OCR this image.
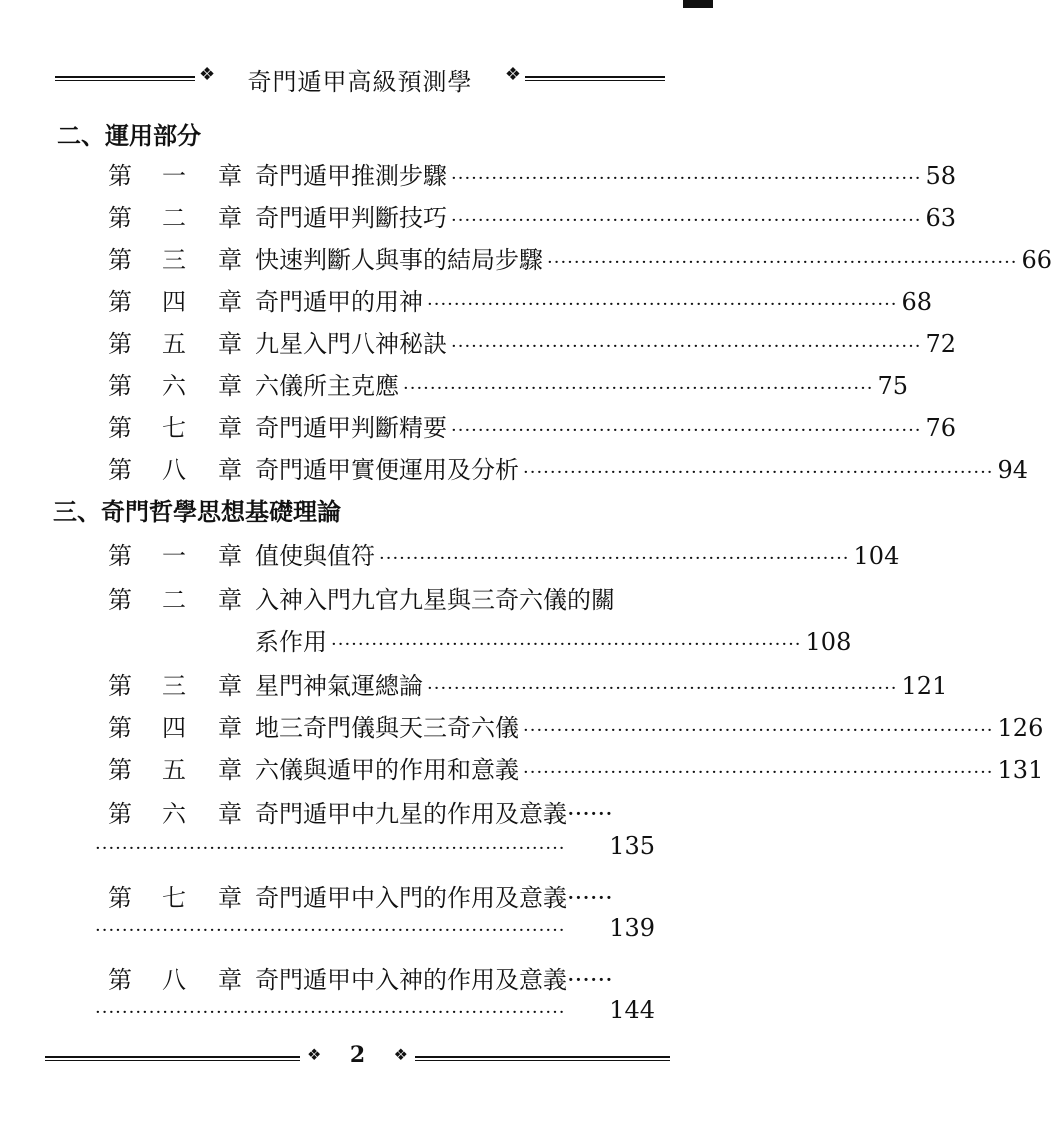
❖	奇門遁甲高級預測學	❖
二、運用部分
第 一 章 奇門遁甲推測步驟 ······································································ 58
第 二 章 奇門遁甲判斷技巧 ······································································ 63
第 三 章 快速判斷人與事的結局步驟 ······································································ 66
第 四 章 奇門遁甲的用神 ······································································ 68
第 五 章 九星入門八神秘訣 ······································································ 72
第 六 章 六儀所主克應 ······································································ 75
第 七 章 奇門遁甲判斷精要 ······································································ 76
第 八 章 奇門遁甲實便運用及分析 ······································································ 94
三、奇門哲學思想基礎理論
第 一 章 值使與值符 ······································································ 104
第 二 章 入神入門九官九星與三奇六儀的關
系作用 ······································································ 108
第 三 章 星門神氣運總論 ······································································ 121
第 四 章 地三奇門儀與天三奇六儀 ······································································ 126
第 五 章 六儀與遁甲的作用和意義 ······································································ 131
第 六 章 奇門遁甲中九星的作用及意義······
······································································	135
第 七 章 奇門遁甲中入門的作用及意義······
······································································	139
第 八 章 奇門遁甲中入神的作用及意義······
······································································	144
❖	2	❖
